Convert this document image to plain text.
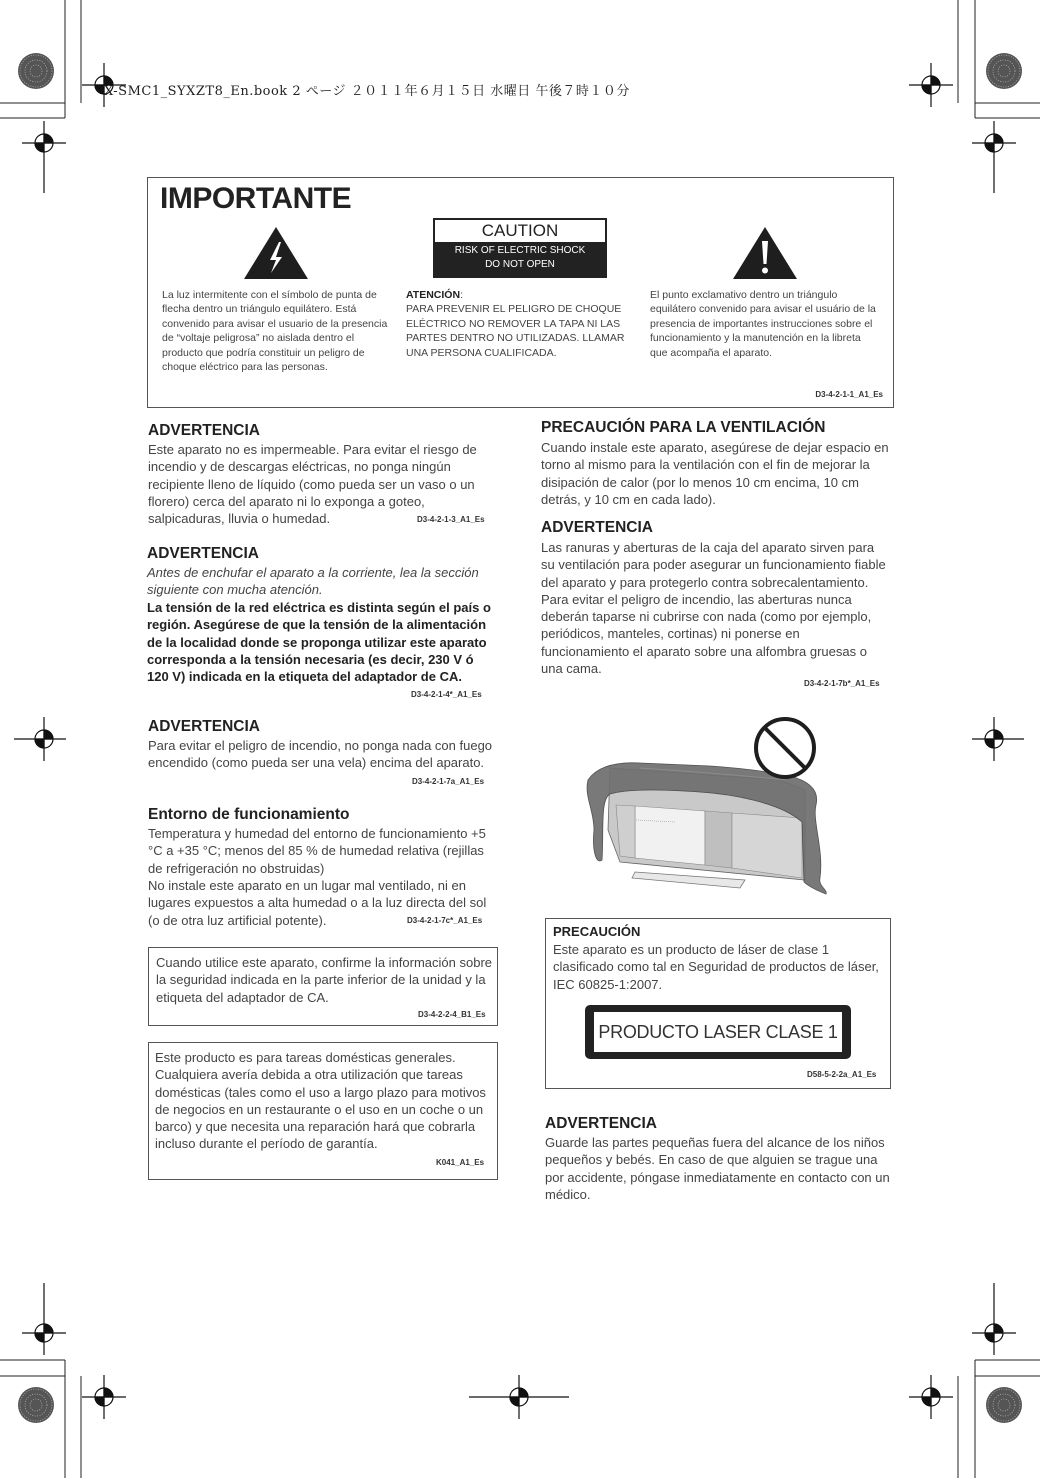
X-SMC1_SYXZT8_En.book 2 ページ ２０１１年６月１５日 水曜日 午後７時１０分
IMPORTANTE
CAUTION
RISK OF ELECTRIC SHOCK
DO NOT OPEN
La luz intermitente con el símbolo de punta de flecha dentro un triángulo equilátero. Está convenido para avisar el usuario de la presencia de “voltaje peligrosa” no aislada dentro el producto que podría constituir un peligro de choque eléctrico para las personas.
ATENCIÓN:
PARA PREVENIR EL PELIGRO DE CHOQUE ELÉCTRICO NO REMOVER LA TAPA NI LAS PARTES DENTRO NO UTILIZADAS. LLAMAR UNA PERSONA CUALIFICADA.
El punto exclamativo dentro un triángulo equilátero convenido para avisar el usuário de la presencia de importantes instrucciones sobre el funcionamiento y la manutención en la libreta que acompaña el aparato.
D3-4-2-1-1_A1_Es
ADVERTENCIA
Este aparato no es impermeable. Para evitar el riesgo de incendio y de descargas eléctricas, no ponga ningún recipiente lleno de líquido (como pueda ser un vaso o un florero) cerca del aparato ni lo exponga a goteo, salpicaduras, lluvia o humedad.	D3-4-2-1-3_A1_Es
ADVERTENCIA
Antes de enchufar el aparato a la corriente, lea la sección siguiente con mucha atención.
La tensión de la red eléctrica es distinta según el país o región. Asegúrese de que la tensión de la alimentación de la localidad donde se proponga utilizar este aparato corresponda a la tensión necesaria (es decir, 230 V ó 120 V) indicada en la etiqueta del adaptador de CA.
D3-4-2-1-4*_A1_Es
ADVERTENCIA
Para evitar el peligro de incendio, no ponga nada con fuego encendido (como pueda ser una vela) encima del aparato.
D3-4-2-1-7a_A1_Es
Entorno de funcionamiento
Temperatura y humedad del entorno de funcionamiento +5 °C a +35 °C; menos del 85 % de humedad relativa (rejillas de refrigeración no obstruidas)
No instale este aparato en un lugar mal ventilado, ni en lugares expuestos a alta humedad o a la luz directa del sol (o de otra luz artificial potente).	D3-4-2-1-7c*_A1_Es
Cuando utilice este aparato, confirme la información sobre la seguridad indicada en la parte inferior de la unidad y la etiqueta del adaptador de CA.
D3-4-2-2-4_B1_Es
Este producto es para tareas domésticas generales. Cualquiera avería debida a otra utilización que tareas domésticas (tales como el uso a largo plazo para motivos de negocios en un restaurante o el uso en un coche o un barco) y que necesita una reparación hará que cobrarla incluso durante el período de garantía.
K041_A1_Es
PRECAUCIÓN PARA LA VENTILACIÓN
Cuando instale este aparato, asegúrese de dejar espacio en torno al mismo para la ventilación con el fin de mejorar la disipación de calor (por lo menos 10 cm encima, 10 cm detrás, y 10 cm en cada lado).
ADVERTENCIA
Las ranuras y aberturas de la caja del aparato sirven para su ventilación para poder asegurar un funcionamiento fiable del aparato y para protegerlo contra sobrecalentamiento. Para evitar el peligro de incendio, las aberturas nunca deberán taparse ni cubrirse con nada (como por ejemplo, periódicos, manteles, cortinas) ni ponerse en funcionamiento el aparato sobre una alfombra gruesas o una cama.
D3-4-2-1-7b*_A1_Es
PRECAUCIÓN
Este aparato es un producto de láser de clase 1 clasificado como tal en Seguridad de productos de láser, IEC 60825-1:2007.
PRODUCTO LASER CLASE 1
D58-5-2-2a_A1_Es
ADVERTENCIA
Guarde las partes pequeñas fuera del alcance de los niños pequeños y bebés. En caso de que alguien se trague una por accidente, póngase inmediatamente en contacto con un médico.
